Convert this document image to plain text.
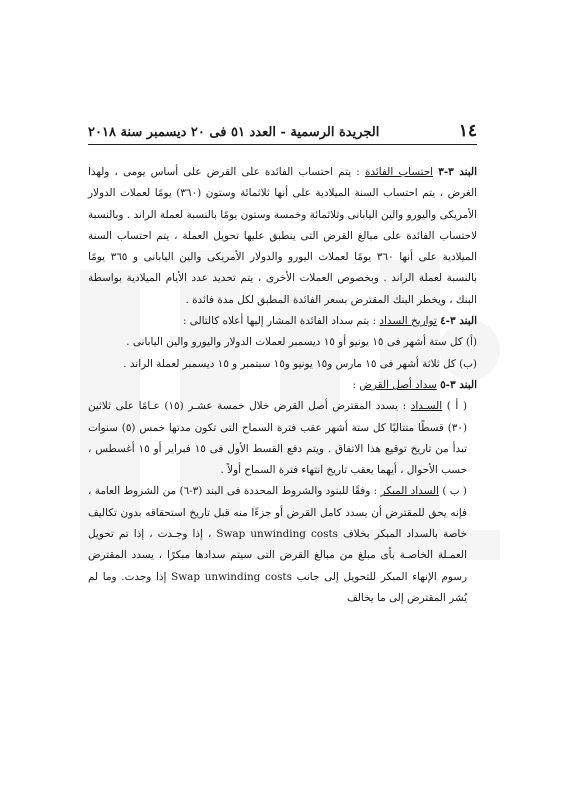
١٤
الجريدة الرسمية - العدد ٥١ فى ٢٠ ديسمبر سنة ٢٠١٨

البند ٣-٣ احتساب الفائدة : يتم احتساب الفائدة على القرض على أساس يومى ، ولهذا الغرض ، يتم احتساب السنة الميلادية على أنها ثلاثمائة وستون (٣٦٠) يومًا لعملات الدولار الأمريكى واليورو والين اليابانى وثلاثمائة وخمسة وستون يومًا بالنسبة لعملة الراند . وبالنسبة لاحتساب الفائدة على مبالغ القرض التى ينطبق عليها تحويل العملة ، يتم احتساب السنة الميلادية على أنها ٣٦٠ يومًا لعملات اليورو والدولار الأمريكى والين اليابانى و ٣٦٥ يومًا بالنسبة لعملة الراند . وبخصوص العملات الأخرى ، يتم تحديد عدد الأيام الميلادية بواسطة البنك ، ويخطر البنك المقترض بسعر الفائدة المطبق لكل مدة فائدة .

البند ٣-٤ تواريخ السداد : يتم سداد الفائدة المشار إليها أعلاه كالتالى :

(أ) كل ستة أشهر فى ١٥ يونيو أو ١٥ ديسمبر لعملات الدولار واليورو والين اليابانى .

(ب) كل ثلاثة أشهر فى ١٥ مارس و١٥ يونيو و١٥ سبتمبر و ١٥ ديسمبر لعملة الراند .

البند ٣-٥ سداد أصل القرض :

( أ ) السـداد : يسدد المقترض أصل القرض خلال خمسة عشـر (١٥) عـامًا على ثلاثين (٣٠) قسطًا متتاليًا كل ستة أشهر عقب فترة السماح التى تكون مدتها خمس (٥) سنوات تبدأ من تاريخ توقيع هذا الاتفاق . ويتم دفع القسط الأول فى ١٥ فبراير أو ١٥ أغسطس ، حسب الأحوال ، أيهما يعقب تاريخ انتهاء فترة السماح أولاً .

( ب ) السداد المبكر : وفقًا للبنود والشروط المحددة فى البند (٣-٦) من الشروط العامة ، فإنه يحق للمقترض أن يسدد كامل القرض أو جزءًا منه قبل تاريخ استحقاقه بدون تكاليف خاصة بالسداد المبكر بخلاف Swap unwinding costs ، إذا وجـدت ، إذا تم تحويل العمـلة الخاصـة بأى مبلغ من مبالغ القرض التى سيتم سدادها مبكرًا ، يسدد المقترض رسوم الإنهاء المبكر للتحويل إلى جانب Swap unwinding costs إذا وجدت. وما لم يُشر المقترض إلى ما يخالف
